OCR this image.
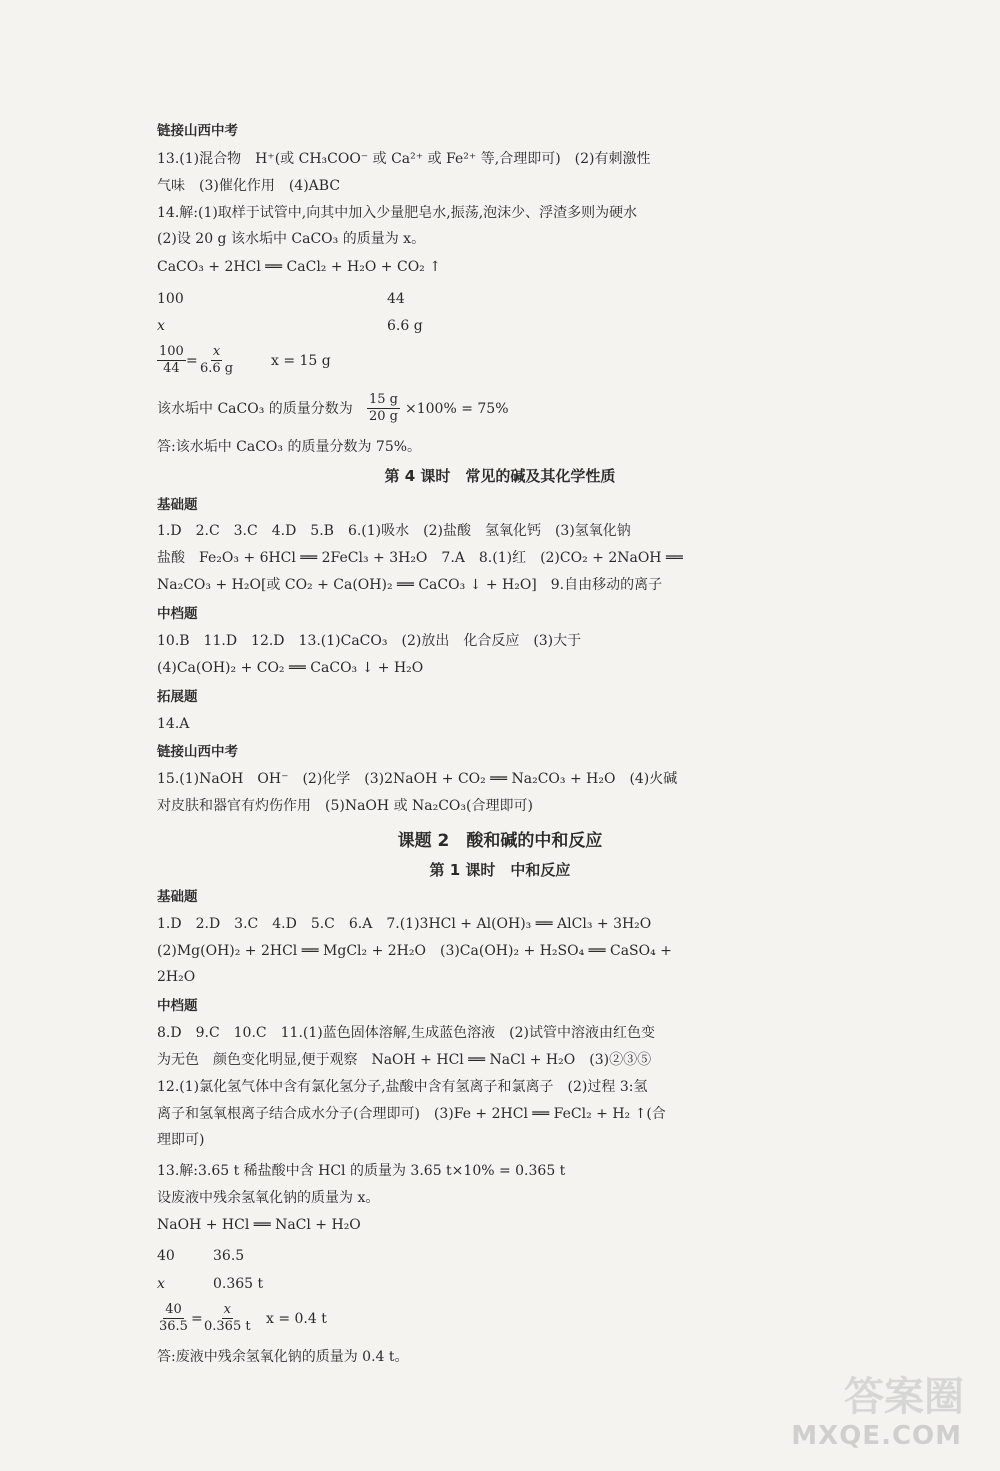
链接山西中考
13.(1)混合物　H⁺(或 CH₃COO⁻ 或 Ca²⁺ 或 Fe²⁺ 等,合理即可)　(2)有刺激性
气味　(3)催化作用　(4)ABC
14.解:(1)取样于试管中,向其中加入少量肥皂水,振荡,泡沫少、浮渣多则为硬水
(2)设 20 g 该水垢中 CaCO₃ 的质量为 x。
CaCO₃ + 2HCl ══ CaCl₂ + H₂O + CO₂ ↑
100	44
x	6.6 g
$\frac{100}{44} = \frac{x}{6.6 g}$	x = 15 g
该水垢中 CaCO₃ 的质量分数为 $\frac{15 g}{20 g} \times 100\% = 75\%$
答:该水垢中 CaCO₃ 的质量分数为 75%。
第 4 课时　常见的碱及其化学性质
基础题
1.D　2.C　3.C　4.D　5.B　6.(1)吸水　(2)盐酸　氢氧化钙　(3)氢氧化钠
盐酸　Fe₂O₃ + 6HCl ══ 2FeCl₃ + 3H₂O　7.A　8.(1)红　(2)CO₂ + 2NaOH ══
Na₂CO₃ + H₂O[或 CO₂ + Ca(OH)₂ ══ CaCO₃ ↓ + H₂O]　9.自由移动的离子
中档题
10.B　11.D　12.D　13.(1)CaCO₃　(2)放出　化合反应　(3)大于
(4)Ca(OH)₂ + CO₂ ══ CaCO₃ ↓ + H₂O
拓展题
14.A
链接山西中考
15.(1)NaOH　OH⁻　(2)化学　(3)2NaOH + CO₂ ══ Na₂CO₃ + H₂O　(4)火碱
对皮肤和器官有灼伤作用　(5)NaOH 或 Na₂CO₃(合理即可)
课题 2　酸和碱的中和反应
第 1 课时　中和反应
基础题
1.D　2.D　3.C　4.D　5.C　6.A　7.(1)3HCl + Al(OH)₃ ══ AlCl₃ + 3H₂O
(2)Mg(OH)₂ + 2HCl ══ MgCl₂ + 2H₂O　(3)Ca(OH)₂ + H₂SO₄ ══ CaSO₄ +
2H₂O
中档题
8.D　9.C　10.C　11.(1)蓝色固体溶解,生成蓝色溶液　(2)试管中溶液由红色变
为无色　颜色变化明显,便于观察　NaOH + HCl ══ NaCl + H₂O　(3)②③⑤
12.(1)氯化氢气体中含有氯化氢分子,盐酸中含有氢离子和氯离子　(2)过程 3:氢
离子和氢氧根离子结合成水分子(合理即可)　(3)Fe + 2HCl ══ FeCl₂ + H₂ ↑(合
理即可)
13.解:3.65 t 稀盐酸中含 HCl 的质量为 3.65 t×10% = 0.365 t
设废液中残余氢氧化钠的质量为 x。
NaOH + HCl ══ NaCl + H₂O
40	36.5
x	0.365 t
$\frac{40}{36.5} = \frac{x}{0.365 t}$ x = 0.4 t
答:废液中残余氢氧化钠的质量为 0.4 t。
答案圈
MXQE.COM
